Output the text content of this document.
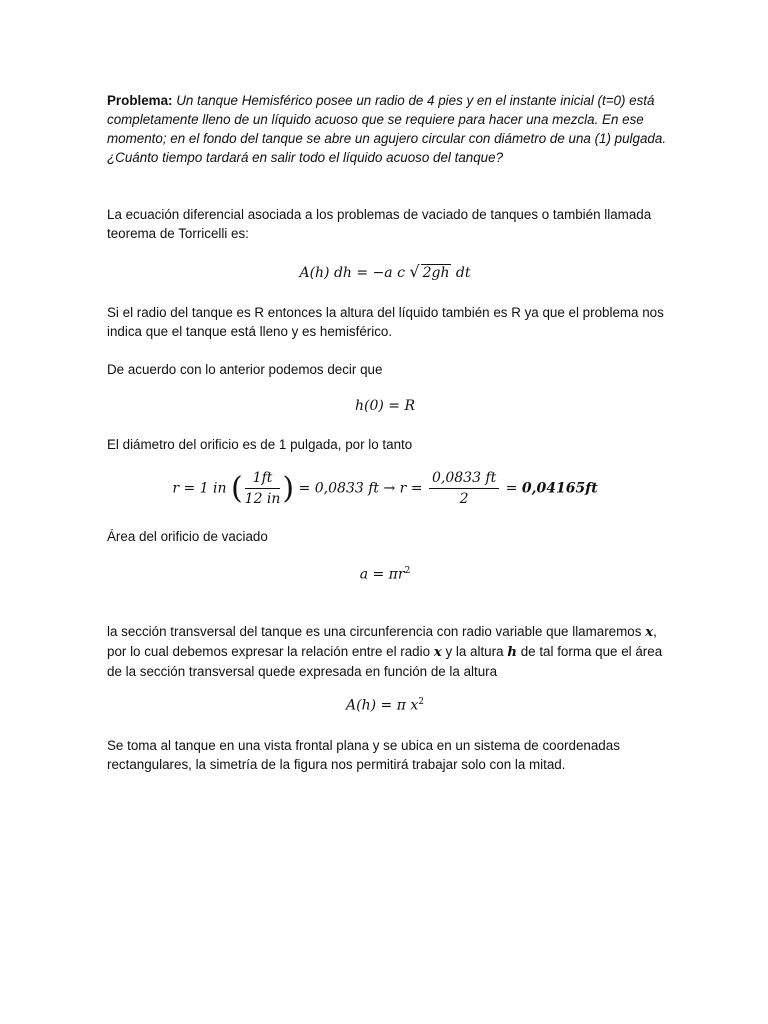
Problema: Un tanque Hemisférico posee un radio de 4 pies y en el instante inicial (t=0) está completamente lleno de un líquido acuoso que se requiere para hacer una mezcla. En ese momento; en el fondo del tanque se abre un agujero circular con diámetro de una (1) pulgada. ¿Cuánto tiempo tardará en salir todo el líquido acuoso del tanque?

La ecuación diferencial asociada a los problemas de vaciado de tanques o también llamada teorema de Torricelli es:

A(h) dh = −a c √ 2gh dt

Si el radio del tanque es R entonces la altura del líquido también es R ya que el problema nos indica que el tanque está lleno y es hemisférico.

De acuerdo con lo anterior podemos decir que

h(0) = R

El diámetro del orificio es de 1 pulgada, por lo tanto

r = 1 in ( $\frac{1ft}{12 in}$ ) = 0,0833 ft → $r = \frac{0,0833 ft}{2} = 0,04165ft$

Área del orificio de vaciado

$a = \pi r^2$

la sección transversal del tanque es una circunferencia con radio variable que llamaremos x, por lo cual debemos expresar la relación entre el radio x y la altura h de tal forma que el área de la sección transversal quede expresada en función de la altura

A(h) = π $x^2$

Se toma al tanque en una vista frontal plana y se ubica en un sistema de coordenadas rectangulares, la simetría de la figura nos permitirá trabajar solo con la mitad.
